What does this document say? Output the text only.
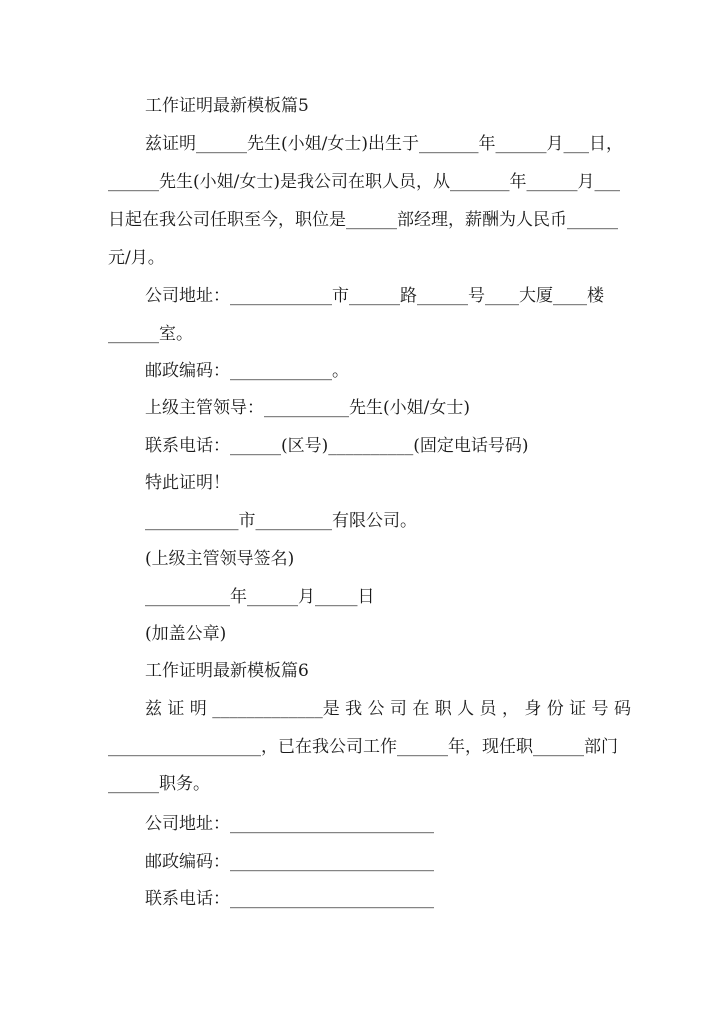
工作证明最新模板篇5
兹证明______先生(小姐/女士)出生于_______年______月___日，
______先生(小姐/女士)是我公司在职人员，从_______年______月___
日起在我公司任职至今，职位是______部经理，薪酬为人民币______
元/月。
公司地址：____________市______路______号____大厦____楼
______室。
邮政编码：____________。
上级主管领导：__________先生(小姐/女士)
联系电话：______(区号)__________(固定电话号码)
特此证明！
___________市_________有限公司。
(上级主管领导签名)
__________年______月_____日
(加盖公章)
工作证明最新模板篇6
兹 证 明 _____________是 我 公 司 在 职 人 员 ， 身 份 证 号 码
__________________，已在我公司工作______年，现任职______部门
______职务。
公司地址：________________________
邮政编码：________________________
联系电话：________________________
